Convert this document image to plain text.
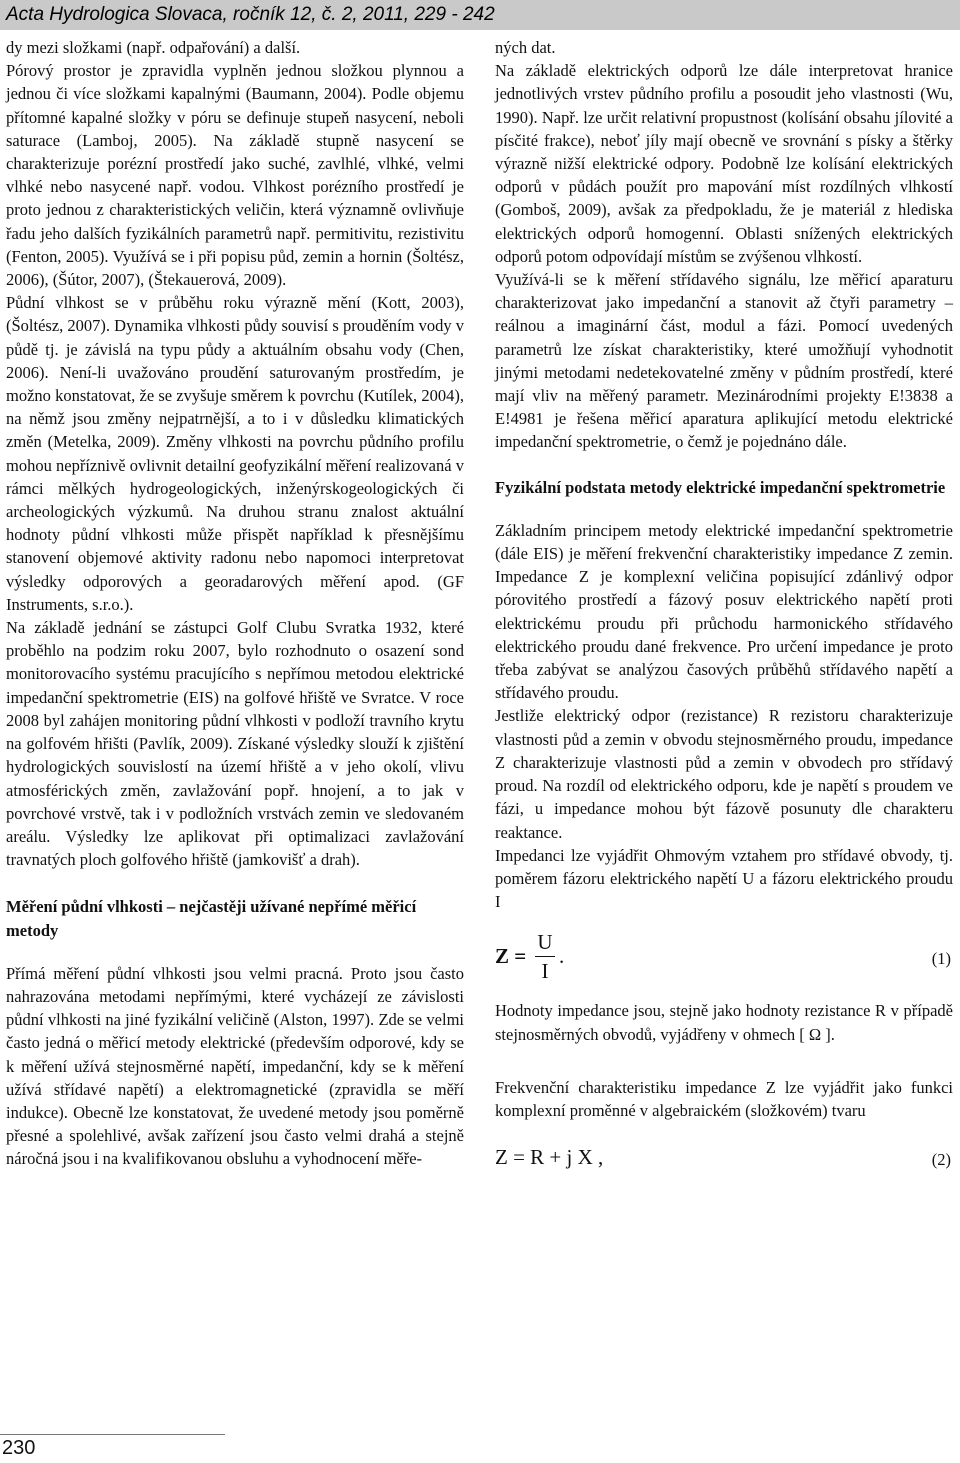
Acta Hydrologica Slovaca, ročník 12, č. 2, 2011, 229 - 242

dy mezi složkami (např. odpařování) a další.

Pórový prostor je zpravidla vyplněn jednou složkou plynnou a jednou či více složkami kapalnými (Baumann, 2004). Podle objemu přítomné kapalné složky v póru se definuje stupeň nasycení, neboli saturace (Lamboj, 2005). Na základě stupně nasycení se charakterizuje porézní prostředí jako suché, zavlhlé, vlhké, velmi vlhké nebo nasycené např. vodou. Vlhkost porézního prostředí je proto jednou z charakteristických veličin, která významně ovlivňuje řadu jeho dalších fyzikálních parametrů např. permitivitu, rezistivitu (Fenton, 2005). Využívá se i při popisu půd, zemin a hornin (Šoltész, 2006), (Šútor, 2007), (Štekauerová, 2009).

Půdní vlhkost se v průběhu roku výrazně mění (Kott, 2003), (Šoltész, 2007). Dynamika vlhkosti půdy souvisí s prouděním vody v půdě tj. je závislá na typu půdy a aktuálním obsahu vody (Chen, 2006). Není-li uvažováno proudění saturovaným prostředím, je možno konstatovat, že se zvyšuje směrem k povrchu (Kutílek, 2004), na němž jsou změny nejpatrnější, a to i v důsledku klimatických změn (Metelka, 2009). Změny vlhkosti na povrchu půdního profilu mohou nepříznivě ovlivnit detailní geofyzikální měření realizovaná v rámci mělkých hydrogeologických, inženýrskogeologických či archeologických výzkumů. Na druhou stranu znalost aktuální hodnoty půdní vlhkosti může přispět například k přesnějšímu stanovení objemové aktivity radonu nebo napomoci interpretovat výsledky odporových a georadarových měření apod. (GF Instruments, s.r.o.).

Na základě jednání se zástupci Golf Clubu Svratka 1932, které proběhlo na podzim roku 2007, bylo rozhodnuto o osazení sond monitorovacího systému pracujícího s nepřímou metodou elektrické impedanční spektrometrie (EIS) na golfové hřiště ve Svratce. V roce 2008 byl zahájen monitoring půdní vlhkosti v podloží travního krytu na golfovém hřišti (Pavlík, 2009). Získané výsledky slouží k zjištění hydrologických souvislostí na území hřiště a v jeho okolí, vlivu atmosférických změn, zavlažování popř. hnojení, a to jak v povrchové vrstvě, tak i v podložních vrstvách zemin ve sledovaném areálu. Výsledky lze aplikovat při optimalizaci zavlažování travnatých ploch golfového hřiště (jamkovišť a drah).

Měření půdní vlhkosti – nejčastěji užívané nepřímé měřicí metody

Přímá měření půdní vlhkosti jsou velmi pracná. Proto jsou často nahrazována metodami nepřímými, které vycházejí ze závislosti půdní vlhkosti na jiné fyzikální veličině (Alston, 1997). Zde se velmi často jedná o měřicí metody elektrické (především odporové, kdy se k měření užívá stejnosměrné napětí, impedanční, kdy se k měření užívá střídavé napětí) a elektromagnetické (zpravidla se měří indukce). Obecně lze konstatovat, že uvedené metody jsou poměrně přesné a spolehlivé, avšak zařízení jsou často velmi drahá a stejně náročná jsou i na kvalifikovanou obsluhu a vyhodnocení měře-

ných dat.

Na základě elektrických odporů lze dále interpretovat hranice jednotlivých vrstev půdního profilu a posoudit jeho vlastnosti (Wu, 1990). Např. lze určit relativní propustnost (kolísání obsahu jílovité a písčité frakce), neboť jíly mají obecně ve srovnání s písky a štěrky výrazně nižší elektrické odpory. Podobně lze kolísání elektrických odporů v půdách použít pro mapování míst rozdílných vlhkostí (Gomboš, 2009), avšak za předpokladu, že je materiál z hlediska elektrických odporů homogenní. Oblasti snížených elektrických odporů potom odpovídají místům se zvýšenou vlhkostí.

Využívá-li se k měření střídavého signálu, lze měřicí aparaturu charakterizovat jako impedanční a stanovit až čtyři parametry – reálnou a imaginární část, modul a fázi. Pomocí uvedených parametrů lze získat charakteristiky, které umožňují vyhodnotit jinými metodami nedetekovatelné změny v půdním prostředí, které mají vliv na měřený parametr. Mezinárodními projekty E!3838 a E!4981 je řešena měřicí aparatura aplikující metodu elektrické impedanční spektrometrie, o čemž je pojednáno dále.

Fyzikální podstata metody elektrické impedanční spektrometrie

Základním principem metody elektrické impedanční spektrometrie (dále EIS) je měření frekvenční charakteristiky impedance Z zemin. Impedance Z je komplexní veličina popisující zdánlivý odpor pórovitého prostředí a fázový posuv elektrického napětí proti elektrickému proudu při průchodu harmonického střídavého elektrického proudu dané frekvence. Pro určení impedance je proto třeba zabývat se analýzou časových průběhů střídavého napětí a střídavého proudu.

Jestliže elektrický odpor (rezistance) R rezistoru charakterizuje vlastnosti půd a zemin v obvodu stejnosměrného proudu, impedance Z charakterizuje vlastnosti půd a zemin v obvodech pro střídavý proud. Na rozdíl od elektrického odporu, kde je napětí s proudem ve fázi, u impedance mohou být fázově posunuty dle charakteru reaktance.

Impedanci lze vyjádřit Ohmovým vztahem pro střídavé obvody, tj. poměrem fázoru elektrického napětí U a fázoru elektrického proudu I

Z =
U
I
.	(1)

Hodnoty impedance jsou, stejně jako hodnoty rezistance R v případě stejnosměrných obvodů, vyjádřeny v ohmech [ Ω ].

Frekvenční charakteristiku impedance Z lze vyjádřit jako funkci komplexní proměnné v algebraickém (složkovém) tvaru

Z = R + j X ,	(2)
230
